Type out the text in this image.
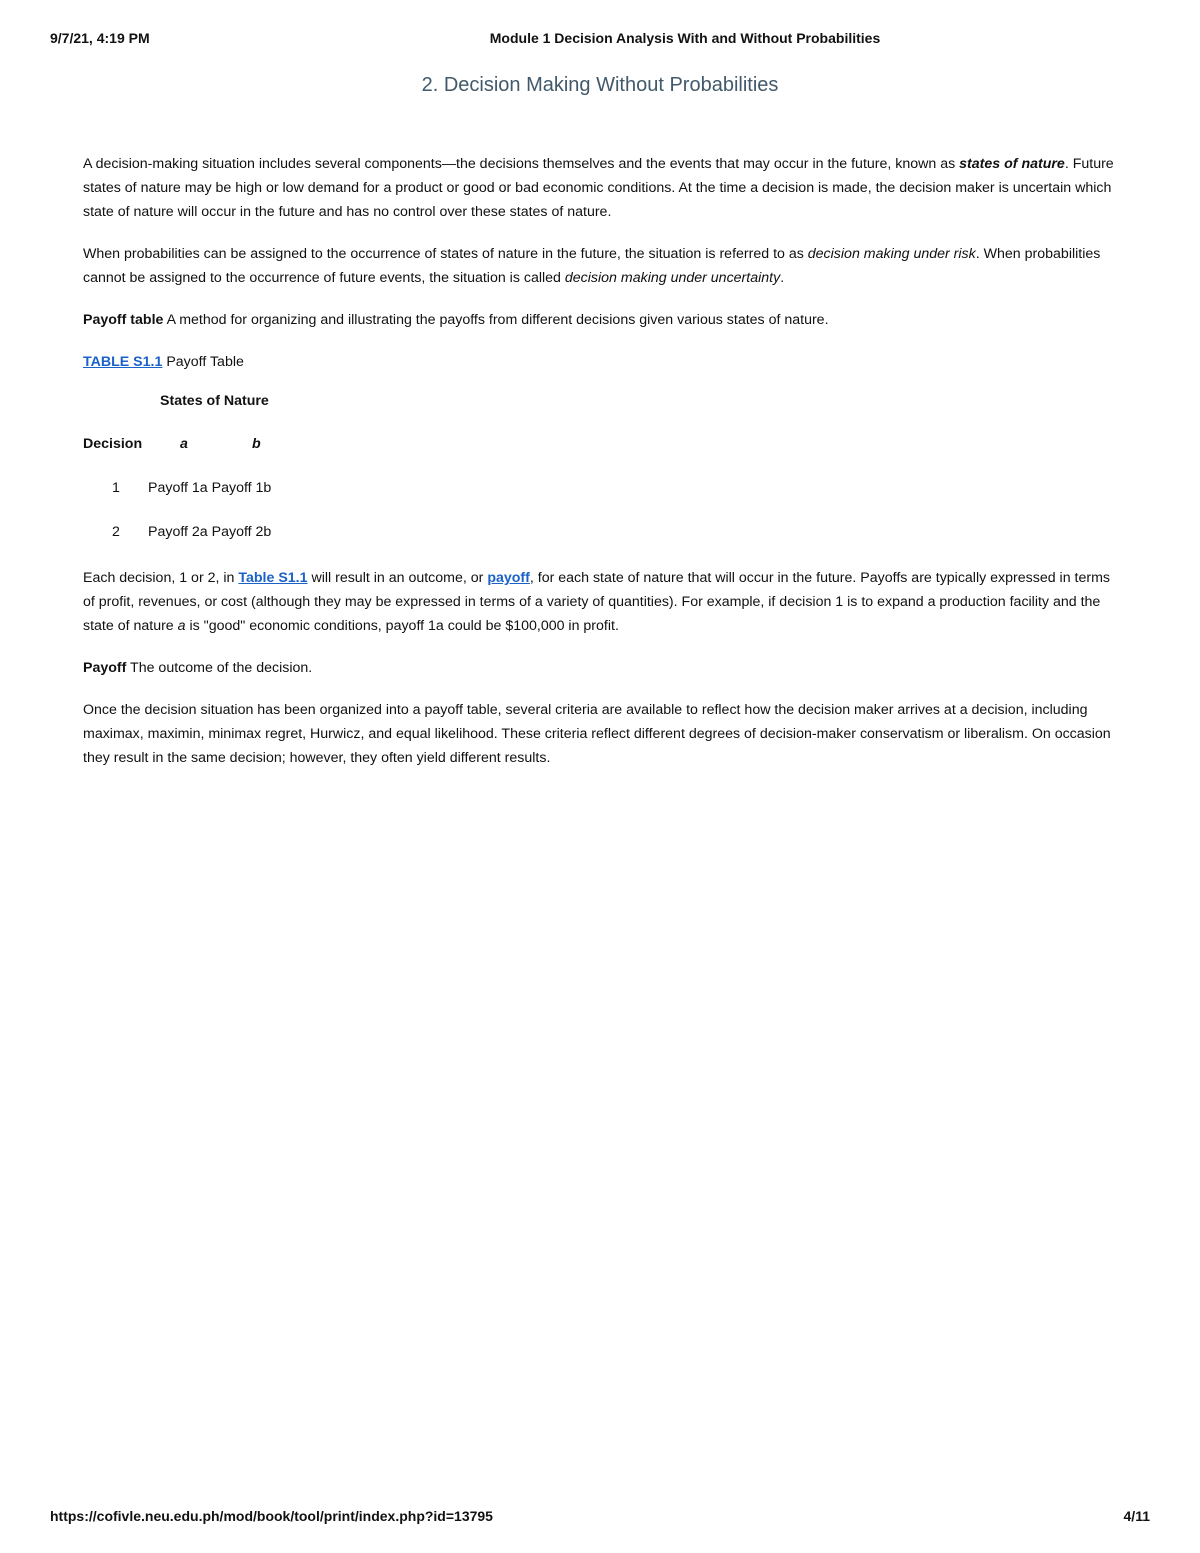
9/7/21, 4:19 PM	Module 1 Decision Analysis With and Without Probabilities
2. Decision Making Without Probabilities

A decision-making situation includes several components—the decisions themselves and the events that may occur in the future, known as states of nature. Future states of nature may be high or low demand for a product or good or bad economic conditions. At the time a decision is made, the decision maker is uncertain which state of nature will occur in the future and has no control over these states of nature.

When probabilities can be assigned to the occurrence of states of nature in the future, the situation is referred to as decision making under risk. When probabilities cannot be assigned to the occurrence of future events, the situation is called decision making under uncertainty.

Payoff table A method for organizing and illustrating the payoffs from different decisions given various states of nature.

TABLE S1.1 Payoff Table

	States of Nature		
Decision		a	b
1	Payoff 1a Payoff 1b		
2	Payoff 2a Payoff 2b		

Each decision, 1 or 2, in Table S1.1 will result in an outcome, or payoff, for each state of nature that will occur in the future. Payoffs are typically expressed in terms of profit, revenues, or cost (although they may be expressed in terms of a variety of quantities). For example, if decision 1 is to expand a production facility and the state of nature a is "good" economic conditions, payoff 1a could be $100,000 in profit.

Payoff The outcome of the decision.

Once the decision situation has been organized into a payoff table, several criteria are available to reflect how the decision maker arrives at a decision, including maximax, maximin, minimax regret, Hurwicz, and equal likelihood. These criteria reflect different degrees of decision-maker conservatism or liberalism. On occasion they result in the same decision; however, they often yield different results.

https://cofivle.neu.edu.ph/mod/book/tool/print/index.php?id=13795	4/11
